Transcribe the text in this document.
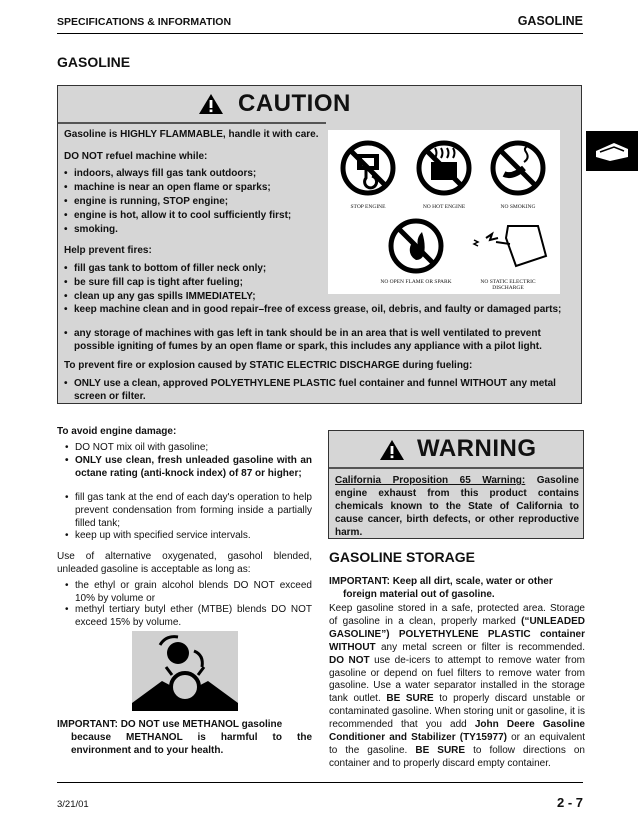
SPECIFICATIONS & INFORMATION	GASOLINE
GASOLINE
CAUTION
Gasoline is HIGHLY FLAMMABLE, handle it with care.
DO NOT refuel machine while:
• indoors, always fill gas tank outdoors;
• machine is near an open flame or sparks;
• engine is running, STOP engine;
• engine is hot, allow it to cool sufficiently first;
• smoking.
Help prevent fires:
• fill gas tank to bottom of filler neck only;
• be sure fill cap is tight after fueling;
• clean up any gas spills IMMEDIATELY;
• keep machine clean and in good repair–free of excess grease, oil, debris, and faulty or damaged parts;
• any storage of machines with gas left in tank should be in an area that is well ventilated to prevent possible igniting of fumes by an open flame or spark, this includes any appliance with a pilot light.
To prevent fire or explosion caused by STATIC ELECTRIC DISCHARGE during fueling:
• ONLY use a clean, approved POLYETHYLENE PLASTIC fuel container and funnel WITHOUT any metal screen or filter.
STOP ENGINE	NO HOT ENGINE	NO SMOKING
NO OPEN FLAME OR SPARK	NO STATIC ELECTRIC DISCHARGE
To avoid engine damage:
• DO NOT mix oil with gasoline;
• ONLY use clean, fresh unleaded gasoline with an octane rating (anti-knock index) of 87 or higher;
• fill gas tank at the end of each day's operation to help prevent condensation from forming inside a partially filled tank;
• keep up with specified service intervals.
Use of alternative oxygenated, gasohol blended, unleaded gasoline is acceptable as long as:
• the ethyl or grain alcohol blends DO NOT exceed 10% by volume or
• methyl tertiary butyl ether (MTBE) blends DO NOT exceed 15% by volume.
IMPORTANT: DO NOT use METHANOL gasoline
because METHANOL is harmful to the environment and to your health.
WARNING
California Proposition 65 Warning: Gasoline engine exhaust from this product contains chemicals known to the State of California to cause cancer, birth defects, or other reproductive harm.
GASOLINE STORAGE
IMPORTANT: Keep all dirt, scale, water or other
foreign material out of gasoline.
Keep gasoline stored in a safe, protected area. Storage of gasoline in a clean, properly marked (“UNLEADED GASOLINE”) POLYETHYLENE PLASTIC container WITHOUT any metal screen or filter is recommended. DO NOT use de-icers to attempt to remove water from gasoline or depend on fuel filters to remove water from gasoline. Use a water separator installed in the storage tank outlet. BE SURE to properly discard unstable or contaminated gasoline. When storing unit or gasoline, it is recommended that you add John Deere Gasoline Conditioner and Stabilizer (TY15977) or an equivalent to the gasoline. BE SURE to follow directions on container and to properly discard empty container.
3/21/01	2 - 7
